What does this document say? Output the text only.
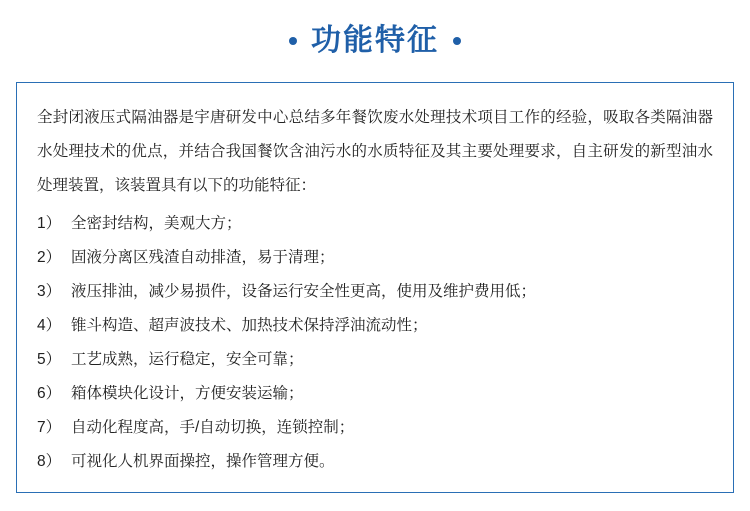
功能特征

全封闭液压式隔油器是宇唐研发中心总结多年餐饮废水处理技术项目工作的经验，吸取各类隔油器水处理技术的优点，并结合我国餐饮含油污水的水质特征及其主要处理要求，自主研发的新型油水处理装置，该装置具有以下的功能特征：

1） 全密封结构，美观大方；
2） 固液分离区残渣自动排渣，易于清理；
3） 液压排油，减少易损件，设备运行安全性更高，使用及维护费用低；
4） 锥斗构造、超声波技术、加热技术保持浮油流动性；
5） 工艺成熟，运行稳定，安全可靠；
6） 箱体模块化设计，方便安装运输；
7） 自动化程度高，手/自动切换，连锁控制；
8） 可视化人机界面操控，操作管理方便。
